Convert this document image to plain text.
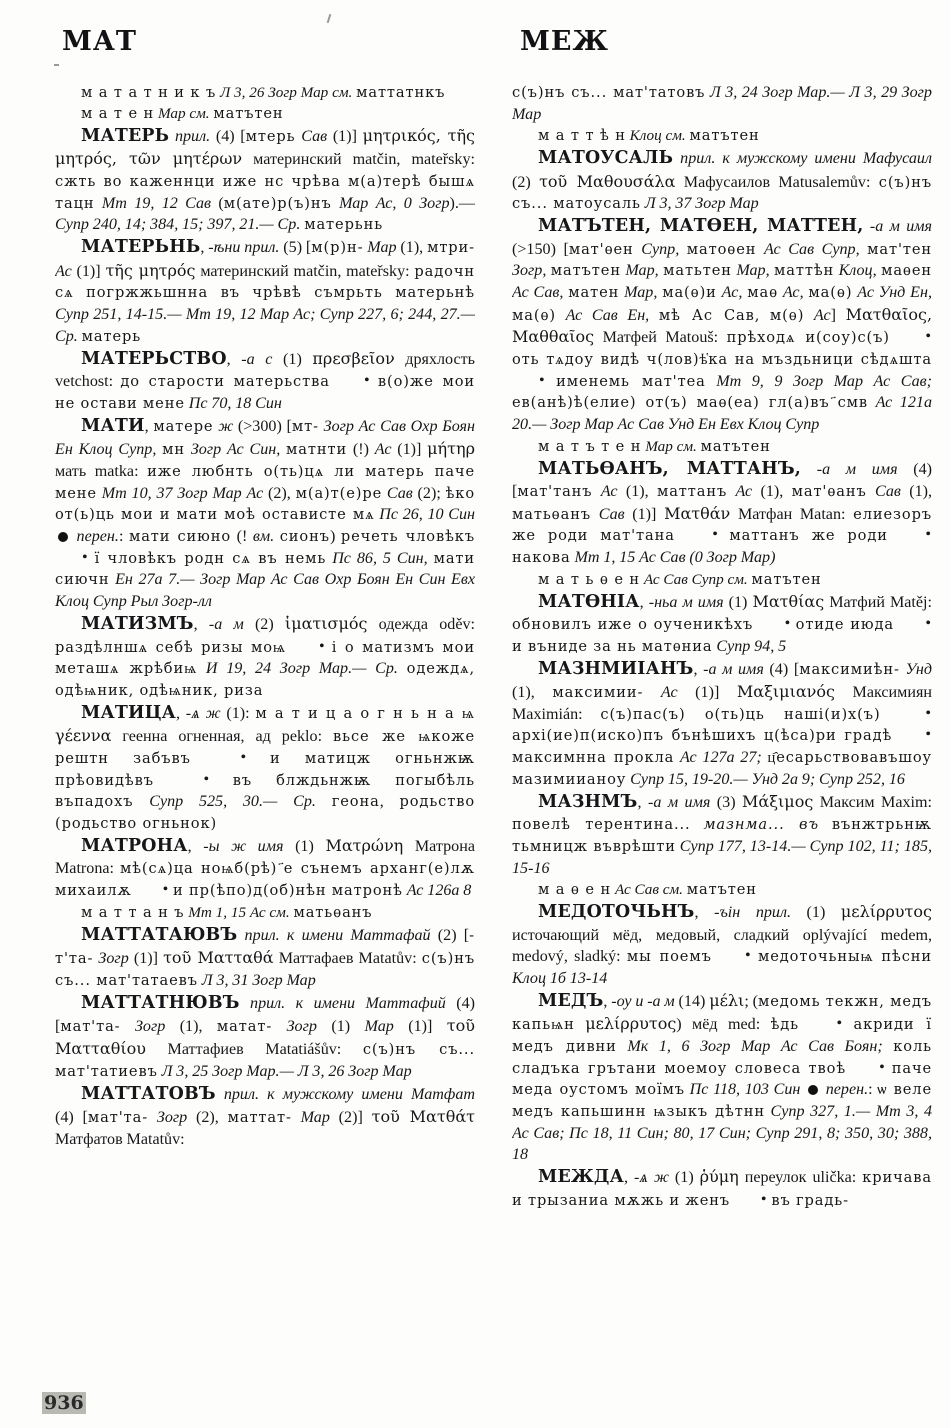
МАТ	МЕЖ

м а т а т н и к ъ Л 3, 26 Зогр Мар см. маттатнкъ

м а т е н Мар см. матътен

МАТЕРЬ прил. (4) [мтерь Сав (1)] μητρικός, τῆς μητρός, τῶν μητέρων материнский matčin, mateřsky: сжть во каженнци иже нс чрѣва м(а)терѣ бышѧ тацн Мт 19, 12 Сав (м(ате)р(ъ)нъ Мар Ас, 0 Зогр).— Супр 240, 14; 384, 15; 397, 21.— Ср. матерьнь

МАТЕРЬНЬ, -ѣни прил. (5) [м(р)н- Мар (1), мтри- Ас (1)] τῆς μητρός материнский matčin, mateřsky: радочн сѧ погржжьшнна въ чрѣвѣ съмрьть матерьнѣ Супр 251, 14-15.— Мт 19, 12 Мар Ас; Супр 227, 6; 244, 27.— Ср. матерь

МАТЕРЬСТВО, -а с (1) πρεσβεῖον дряхлость vetchost: до старости матерьства •	в(о)же мои не остави мене Пс 70, 18 Син

МАТИ, матере ж (>300) [мт- Зогр Ас Сав Охр Боян Ен Клоц Супр, мн Зогр Ас Син, матнти (!) Ас (1)] μήτηρ мать matka: иже любнть о(ть)цѧ ли матерь паче мене Мт 10, 37 Зогр Мар Ас (2), м(а)т(е)ре Сав (2); ѣко от(ь)ць мои и мати моѣ остависте мѧ Пс 26, 10 Син  перен.: мати сиюно (! вм. сионъ) речеть чловѣкъ • ї чловѣкъ родн сѧ въ немь Пс 86, 5 Син, мати сиючн Ен 27а 7.— Зогр Мар Ас Сав Охр Боян Ен Син Евх Клоц Супр Рыл Зогр-лл

МАТИЗМЪ, -а м (2) ἱματισμός одежда oděv: раздѣлншѧ себѣ ризы моѩ •	і о матизмъ мои меташѧ жрѣбиѩ И 19, 24 Зогр Мар.— Ср. одеждѧ, одѣѩник, одѣѩник, риза

МАТИЦА, -ѧ ж (1): м а т и ц а о г н ь н а ѩ γέεννα геенна огненная, ад peklo: вьсе же ѩкоже рештн забъвъ •	и матицж огньнжѭ прѣовидѣвъ •	въ блждьнжѭ погыбѣль въпадохъ Супр 525, 30.— Ср. геона, родьство (родьство огньнок)

МАТРОНА, -ы ж имя (1) Ματρώνη Матрона Matrona: мѣ(сѧ)ца ноѩб(рѣ) ҃е сънемъ арханг(е)лѫ михаилѫ •	и пр(ѣпо)д(об)нѣн матронѣ Ас 126а 8

м а т т а н ъ Мт 1, 15 Ас см. матьѳанъ

МАТТАТАЮВЪ прил. к имени Маттафай (2) [-т'та- Зогр (1)] τοῦ Ματταθά Маттафаев Matatův: с(ъ)нъ съ... мат'татаевъ Л 3, 31 Зогр Мар

МАТТАТНЮВЪ прил. к имени Маттафий (4) [мат'та- Зогр (1), матат- Зогр (1) Мар (1)] τοῦ Ματταθίου Маттафиев Matatiášův: с(ъ)нъ съ... мат'татиевъ Л 3, 25 Зогр Мар.— Л 3, 26 Зогр Мар

МАТТАТОВЪ прил. к мужскому имени Матфат (4) [мат'та- Зогр (2), маттат- Мар (2)] τοῦ Ματθάτ Матфатов Matatův:

с(ъ)нъ съ... мат'татовъ Л 3, 24 Зогр Мар.— Л 3, 29 Зогр Мар

м а т т ѣ н Клоц см. матътен

МАТОУСАЛЬ прил. к мужскому имени Мафусаил (2) τοῦ Μαθουσάλα Мафусаилов Matusalemův: с(ъ)нъ съ... матоусаль Л 3, 37 Зогр Мар

МАТЪТЕН, МАТѲЕН, МАТТЕН, -а м имя (>150) [мат'ѳен Супр, матоѳен Ас Сав Супр, мат'тен Зогр, матътен Мар, матьтен Мар, маттѣн Клоц, маѳен Ас Сав, матен Мар, ма(ѳ)и Ас, маѳ Ас, ма(ѳ) Ас Унд Ен, ма(ѳ) Ас Сав Ен, мѣ Ас Сав, м(ѳ) Ас] Ματθαῖος, Μαθθαῖος Матфей Matouš: прѣходѧ и(соу)с(ъ) • оть тѧдоу видѣ ч(лов)ѣ҅ка на мъздьници сѣдѧшта • именемь мат'теа Мт 9, 9 Зогр Мар Ас Сав; ев(анѣ)ѣ(елие) от(ъ) маѳ(еа) гл(а)въ ҃смв Ас 121а 20.— Зогр Мар Ас Сав Унд Ен Евх Клоц Супр

м а т ъ т е н Мар см. матътен

МАТЬѲАНЪ, МАТТАНЪ, -а м имя (4) [мат'танъ Ас (1), маттанъ Ас (1), мат'ѳанъ Сав (1), матьѳанъ Сав (1)] Ματθάν Матфан Matan: елиезоръ же роди мат'тана •	маттанъ же роди • накова Мт 1, 15 Ас Сав (0 Зогр Мар)

м а т ь ѳ е н Ас Сав Супр см. матътен

МАТѲНІА, -ньа м имя (1) Ματθίας Матфий Matěj: обновилъ иже о оученикѣхъ •	отиде июда • и въниде за нь матѳниа Супр 94, 5

МАЗНМИІАНЪ, -а м имя (4) [максимиѣн- Унд (1), максимии- Ас (1)] Μαξιμιανός Максимиян Maximián: с(ъ)пас(ъ) о(ть)ць нашi(и)х(ъ) • архi(ие)п(иско)пъ бънѣшихъ ц(ѣса)ри градѣ • максимнна прокла Ас 127а 27; ц҄есарьствовавъшоу мазимиианоу Супр 15, 19-20.— Унд 2а 9; Супр 252, 16

МАЗНМЪ, -а м имя (3) Μάξιμος Максим Maxim: повелѣ терентина... мазнма... въ вънжтрьнѭ тьмницж въврѣшти Супр 177, 13-14.— Супр 102, 11; 185, 15-16

м а ѳ е н Ас Сав см. матътен

МЕДОТОЧЬНЪ, -ъін прил. (1) μελίρρυτος источающий мёд, медовый, сладкий oplývající medem, medový, sladký: мы поемъ •	медоточьныѩ пѣсни Клоц 1б 13-14

МЕДЪ, -оу и -а м (14) μέλι; (медомь текжн, медъ капьѩн μελίρρυτος) мёд med: ѣдь •	акриди ї медъ дивни Мк 1, 6 Зогр Мар Ас Сав Боян; коль сладъка грътани моемоу словеса твоѣ •	паче меда оустомъ моїмъ Пс 118, 103 Син перен.: ѡ веле медъ капьшинн ѩзыкъ дѣтнн Супр 327, 1.— Мт 3, 4 Ас Сав; Пс 18, 11 Син; 80, 17 Син; Супр 291, 8; 350, 30; 388, 18

МЕЖДА, -ѧ ж (1) ῥύμη переулок ulička: кричава и трызаниа мѫжь и женъ •	въ градь-

936
